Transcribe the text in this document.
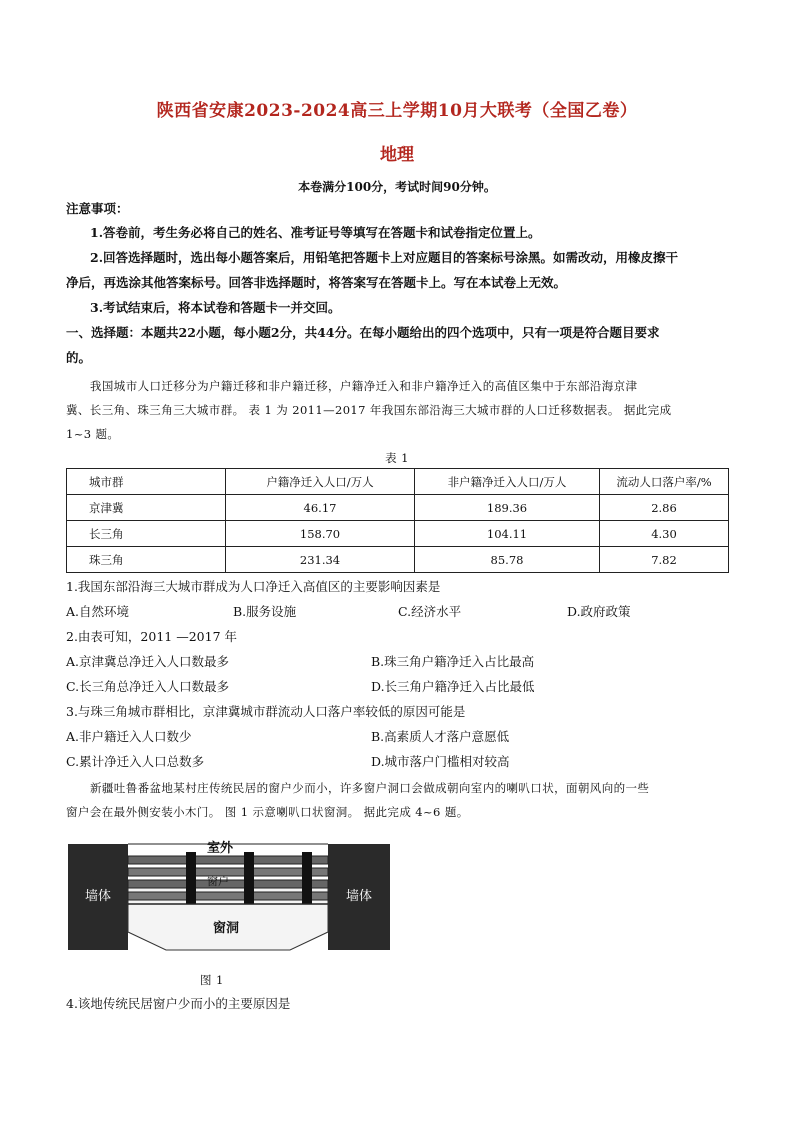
陕西省安康2023-2024高三上学期10月大联考（全国乙卷）
地理
本卷满分100分，考试时间90分钟。
注意事项：
1.答卷前，考生务必将自己的姓名、准考证号等填写在答题卡和试卷指定位置上。
2.回答选择题时，选出每小题答案后，用铅笔把答题卡上对应题目的答案标号涂黑。如需改动，用橡皮擦干
净后，再选涂其他答案标号。回答非选择题时，将答案写在答题卡上。写在本试卷上无效。
3.考试结束后，将本试卷和答题卡一并交回。
一、选择题：本题共22小题，每小题2分，共44分。在每小题给出的四个选项中，只有一项是符合题目要求
的。
我国城市人口迁移分为户籍迁移和非户籍迁移，户籍净迁入和非户籍净迁入的高值区集中于东部沿海京津
冀、长三角、珠三角三大城市群。 表 1 为 2011—2017 年我国东部沿海三大城市群的人口迁移数据表。 据此完成
1~3 题。
表 1
城市群	户籍净迁入人口/万人	非户籍净迁入人口/万人	流动人口落户率/%
京津冀	46.17	189.36	2.86
长三角	158.70	104.11	4.30
珠三角	231.34	85.78	7.82
1.我国东部沿海三大城市群成为人口净迁入高值区的主要影响因素是
A.自然环境	B.服务设施	C.经济水平	D.政府政策
2.由表可知，2011 —2017 年
A.京津冀总净迁入人口数最多	B.珠三角户籍净迁入占比最高
C.长三角总净迁入人口数最多	D.长三角户籍净迁入占比最低
3.与珠三角城市群相比，京津冀城市群流动人口落户率较低的原因可能是
A.非户籍迁入人口数少	B.高素质人才落户意愿低
C.累计净迁入人口总数多	D.城市落户门槛相对较高
新疆吐鲁番盆地某村庄传统民居的窗户少而小，许多窗户洞口会做成朝向室内的喇叭口状，面朝风向的一些
窗户会在最外侧安装小木门。 图 1 示意喇叭口状窗洞。 据此完成 4~6 题。
室外
窗户
墙体	墙体
窗洞
图 1
4.该地传统民居窗户少而小的主要原因是
